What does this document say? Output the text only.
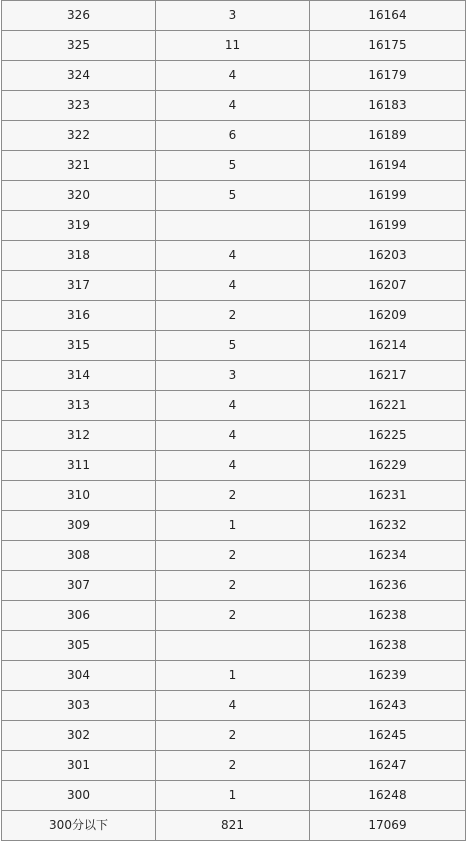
326	3	16164
325	11	16175
324	4	16179
323	4	16183
322	6	16189
321	5	16194
320	5	16199
319		16199
318	4	16203
317	4	16207
316	2	16209
315	5	16214
314	3	16217
313	4	16221
312	4	16225
311	4	16229
310	2	16231
309	1	16232
308	2	16234
307	2	16236
306	2	16238
305		16238
304	1	16239
303	4	16243
302	2	16245
301	2	16247
300	1	16248
300分以下	821	17069
